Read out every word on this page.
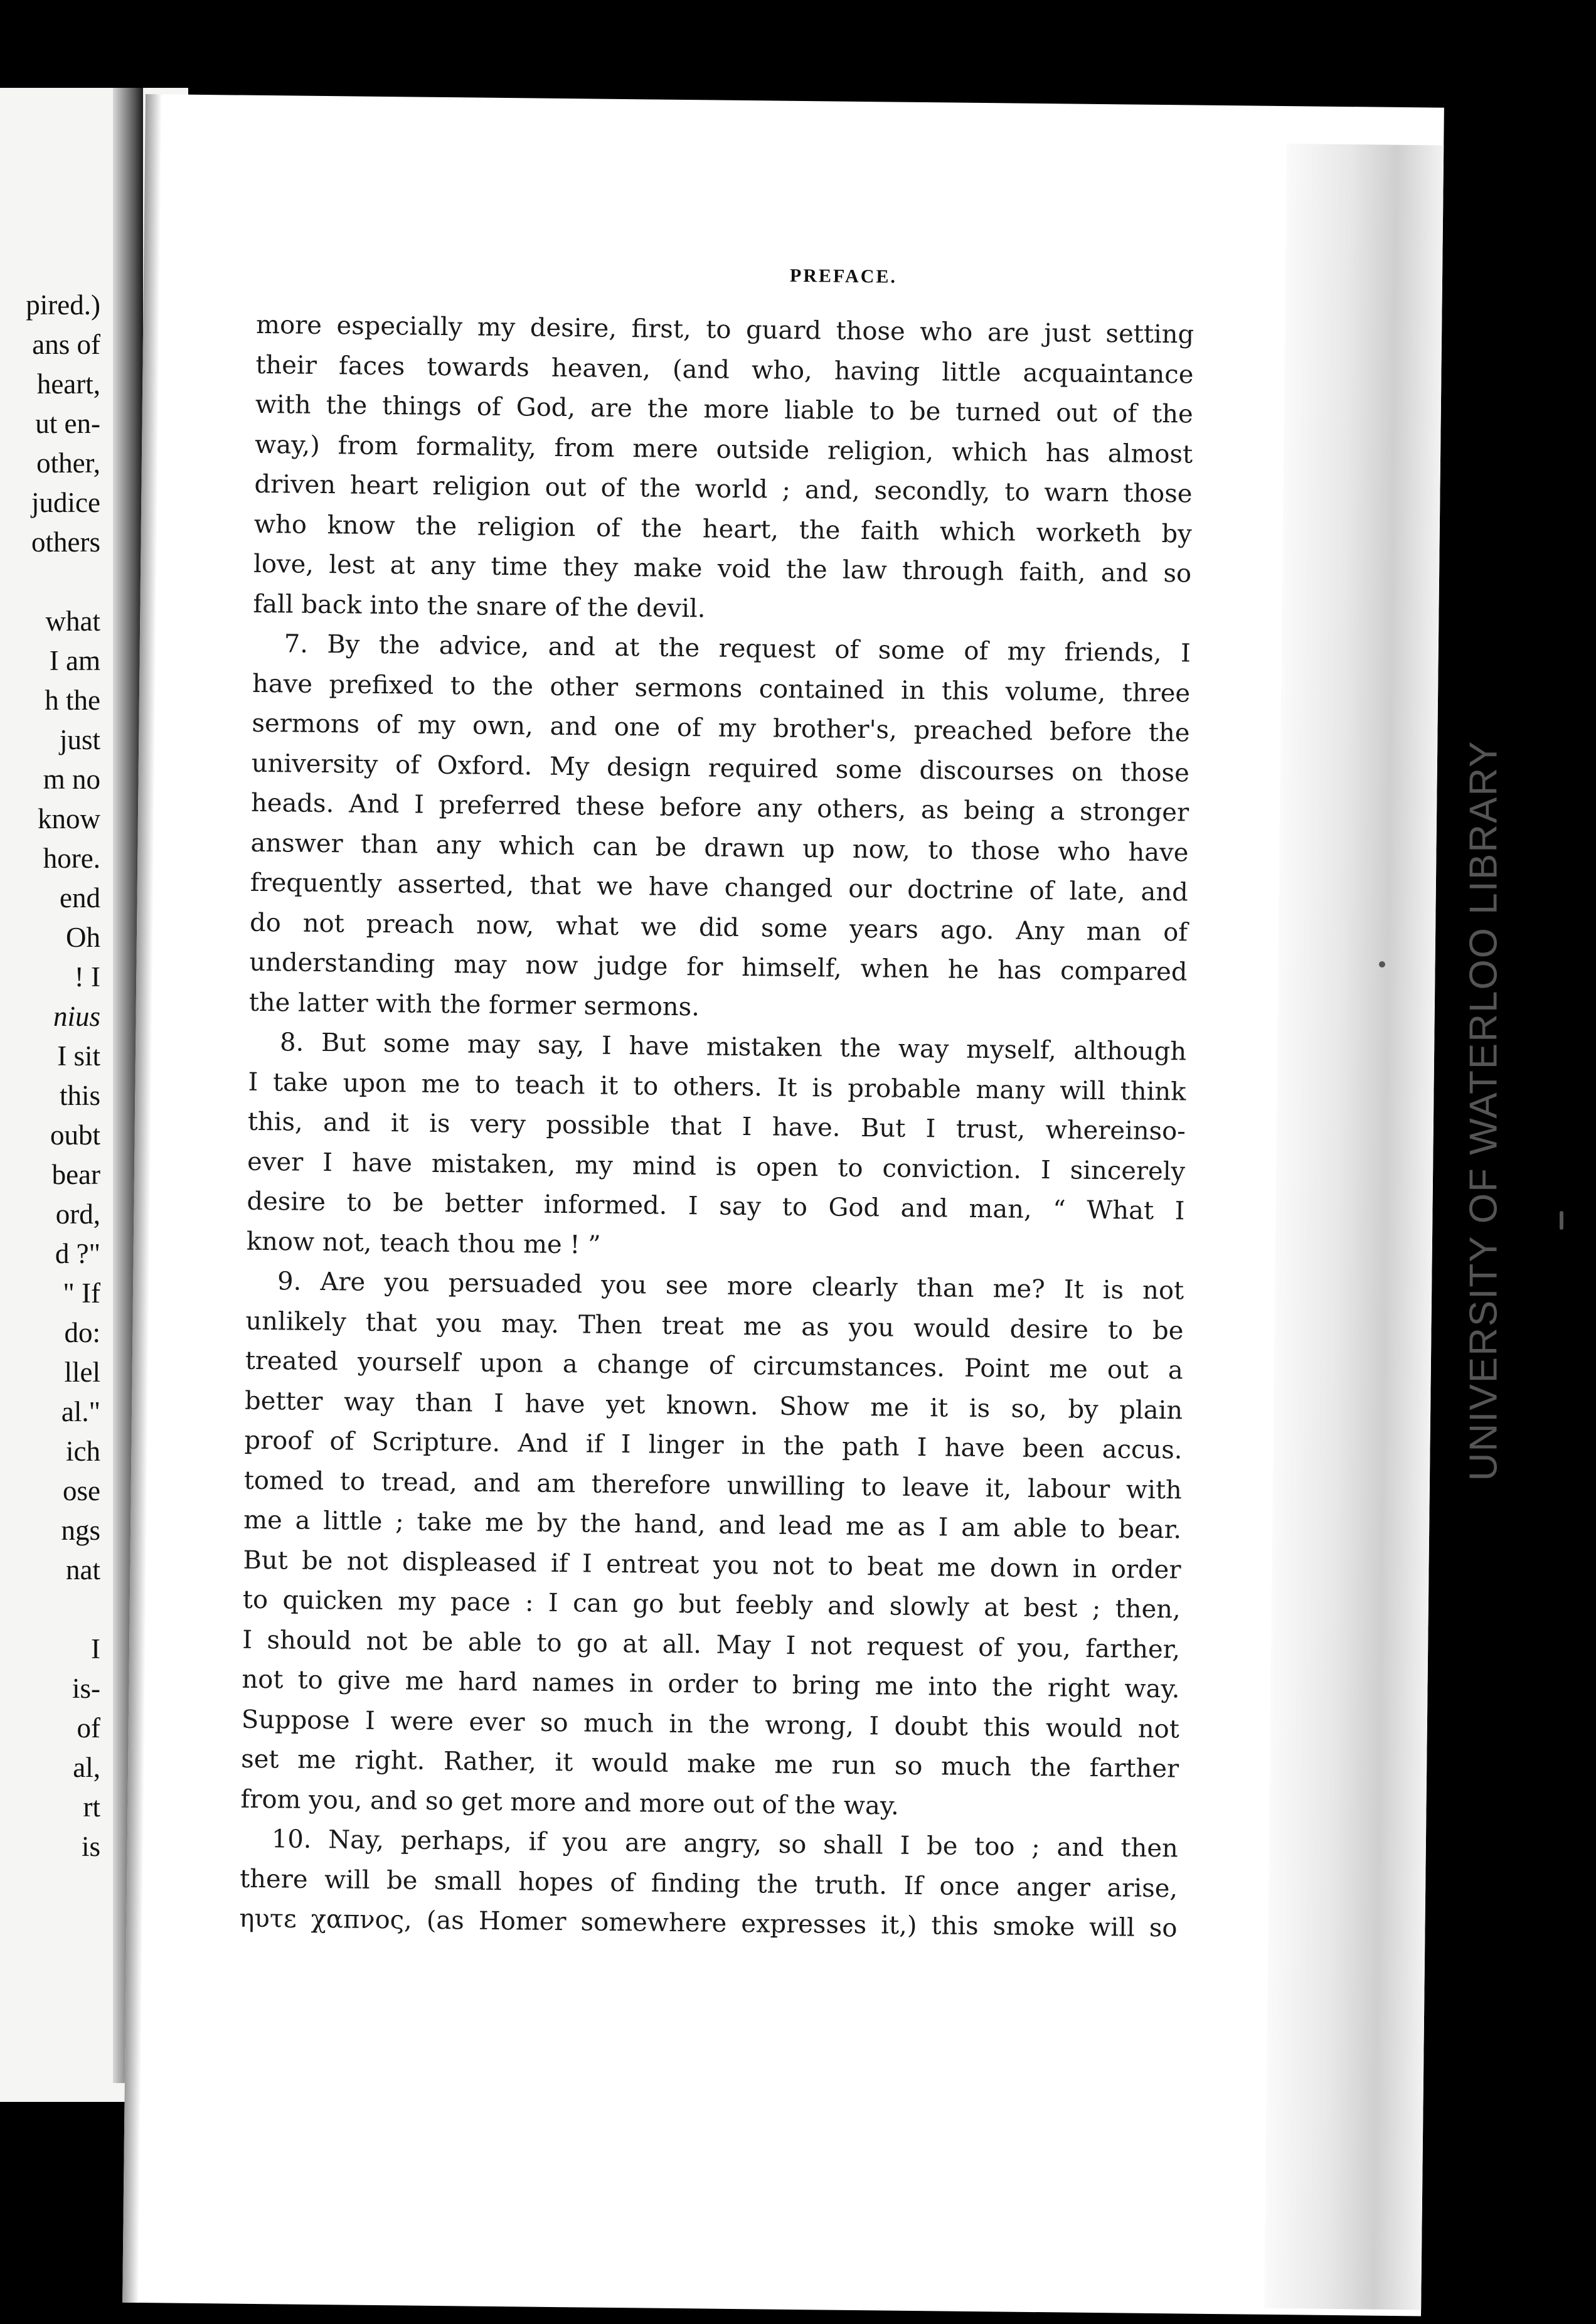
pired.)
ans of
heart,
ut en-
other,
judice
others
what
I am
h the
just
m no
know
hore.
end
Oh
! I
nius
I sit
this
oubt
bear
ord,
d ?"
" If
do:
llel
al."
ich
ose
ngs
nat
I
is-
of
al,
rt
is
PREFACE.
more especially my desire, first, to guard those who are just setting
their faces towards heaven, (and who, having little acquaintance
with the things of God, are the more liable to be turned out of the
way,) from formality, from mere outside religion, which has almost
driven heart religion out of the world ; and, secondly, to warn those
who know the religion of the heart, the faith which worketh by
love, lest at any time they make void the law through faith, and so
fall back into the snare of the devil.
7. By the advice, and at the request of some of my friends, I
have prefixed to the other sermons contained in this volume, three
sermons of my own, and one of my brother's, preached before the
university of Oxford. My design required some discourses on those
heads. And I preferred these before any others, as being a stronger
answer than any which can be drawn up now, to those who have
frequently asserted, that we have changed our doctrine of late, and
do not preach now, what we did some years ago. Any man of
understanding may now judge for himself, when he has compared
the latter with the former sermons.
8. But some may say, I have mistaken the way myself, although
I take upon me to teach it to others. It is probable many will think
this, and it is very possible that I have. But I trust, whereinso-
ever I have mistaken, my mind is open to conviction. I sincerely
desire to be better informed. I say to God and man, “ What I
know not, teach thou me ! ”
9. Are you persuaded you see more clearly than me? It is not
unlikely that you may. Then treat me as you would desire to be
treated yourself upon a change of circumstances. Point me out a
better way than I have yet known. Show me it is so, by plain
proof of Scripture. And if I linger in the path I have been accus.
tomed to tread, and am therefore unwilling to leave it, labour with
me a little ; take me by the hand, and lead me as I am able to bear.
But be not displeased if I entreat you not to beat me down in order
to quicken my pace : I can go but feebly and slowly at best ; then,
I should not be able to go at all. May I not request of you, farther,
not to give me hard names in order to bring me into the right way.
Suppose I were ever so much in the wrong, I doubt this would not
set me right. Rather, it would make me run so much the farther
from you, and so get more and more out of the way.
10. Nay, perhaps, if you are angry, so shall I be too ; and then
there will be small hopes of finding the truth. If once anger arise,
ηυτε χαπνος, (as Homer somewhere expresses it,) this smoke will so
UNIVERSITY OF WATERLOO LIBRARY
